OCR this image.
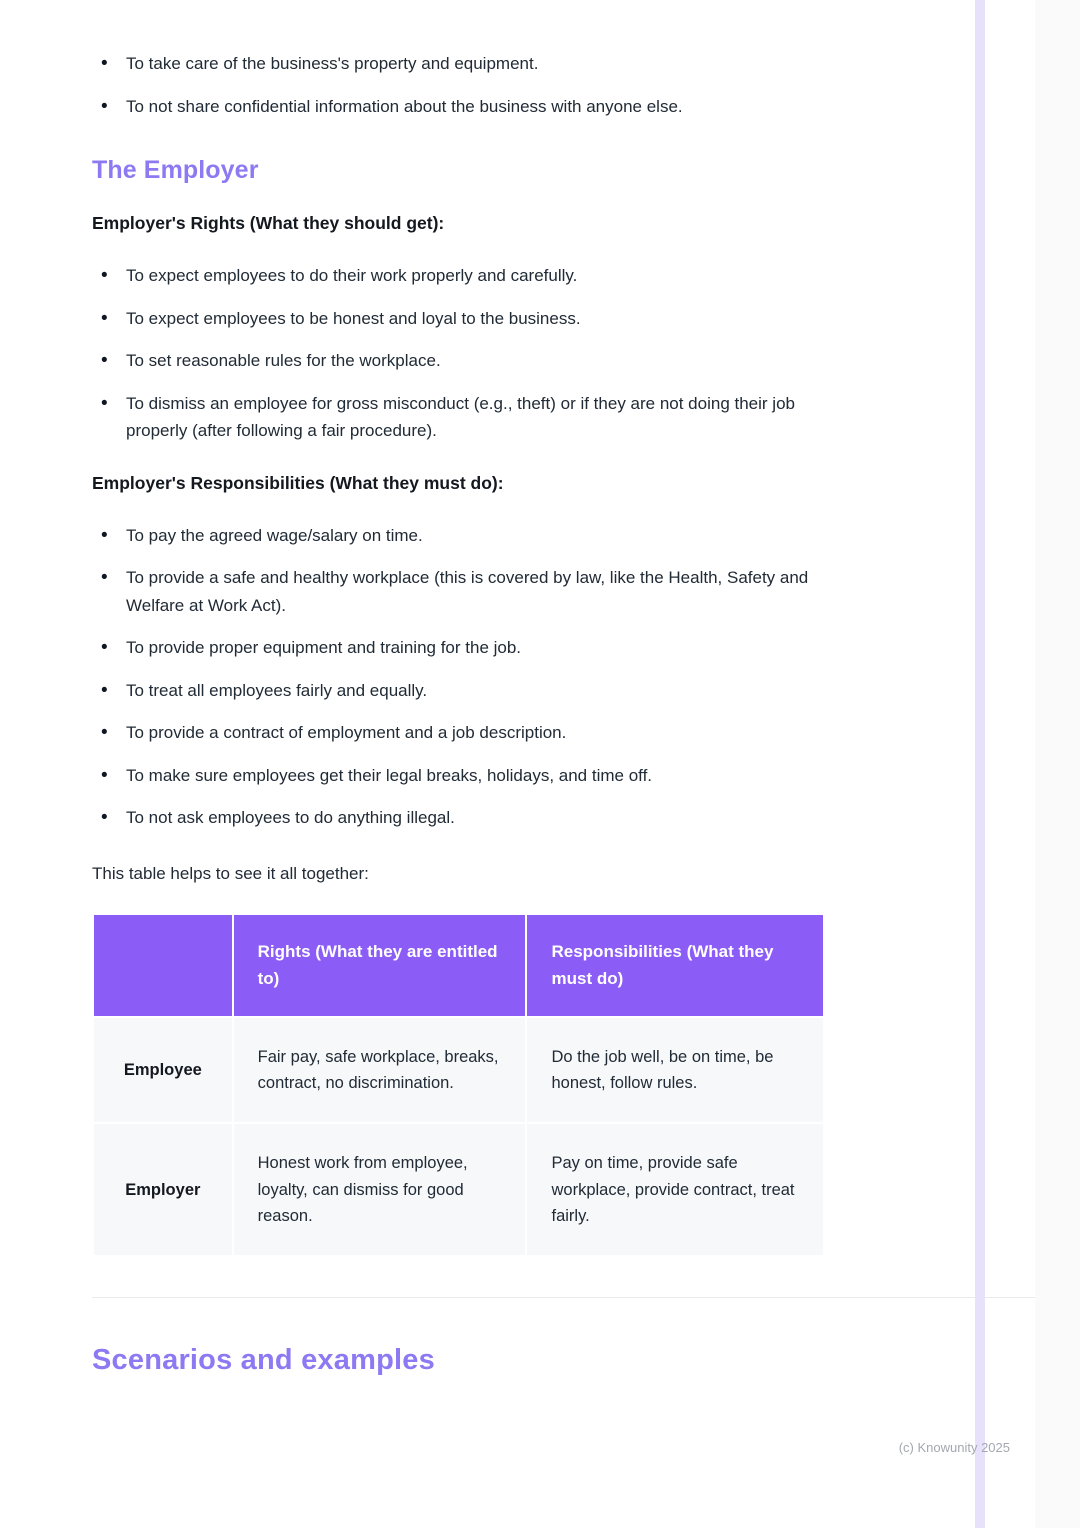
• To take care of the business's property and equipment.
• To not share confidential information about the business with anyone else.
The Employer
Employer's Rights (What they should get):
• To expect employees to do their work properly and carefully.
• To expect employees to be honest and loyal to the business.
• To set reasonable rules for the workplace.
• To dismiss an employee for gross misconduct (e.g., theft) or if they are not doing their job properly (after following a fair procedure).
Employer's Responsibilities (What they must do):
• To pay the agreed wage/salary on time.
• To provide a safe and healthy workplace (this is covered by law, like the Health, Safety and Welfare at Work Act).
• To provide proper equipment and training for the job.
• To treat all employees fairly and equally.
• To provide a contract of employment and a job description.
• To make sure employees get their legal breaks, holidays, and time off.
• To not ask employees to do anything illegal.

This table helps to see it all together:

	Rights (What they are entitled to)	Responsibilities (What they must do)
Employee	Fair pay, safe workplace, breaks, contract, no discrimination.	Do the job well, be on time, be honest, follow rules.
Employer	Honest work from employee, loyalty, can dismiss for good reason.	Pay on time, provide safe workplace, provide contract, treat fairly.
Scenarios and examples
(c) Knowunity 2025
